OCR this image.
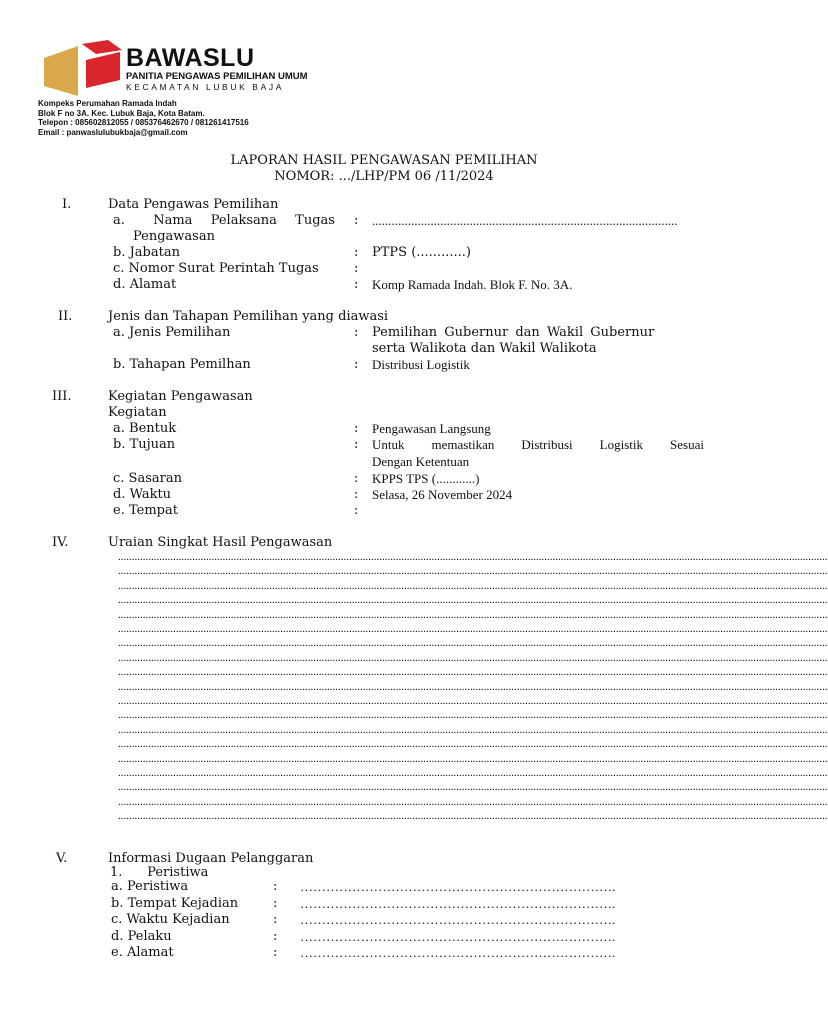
BAWASLU
PANITIA PENGAWAS PEMILIHAN UMUM
KECAMATAN LUBUK BAJA
Kompeks Perumahan Ramada Indah
Blok F no 3A. Kec. Lubuk Baja, Kota Batam.
Telepon : 085602812055 / 085376462670 / 081261417516
Email : panwaslulubukbaja@gmail.com
LAPORAN HASIL PENGAWASAN PEMILIHAN
NOMOR: .../LHP/PM 06 /11/2024
I.	Data Pengawas Pemilihan
a. Nama Pelaksana Tugas
Pengawasan
: ..............................................................................................
b. Jabatan	: PTPS (............)
c. Nomor Surat Perintah Tugas	:
d. Alamat	: Komp Ramada Indah. Blok F. No. 3A.
II.	Jenis dan Tahapan Pemilihan yang diawasi
a. Jenis Pemilihan	: Pemilihan Gubernur dan Wakil Gubernur
serta Walikota dan Wakil Walikota
b. Tahapan Pemilhan	: Distribusi Logistik
III.	Kegiatan Pengawasan
Kegiatan
a. Bentuk	: Pengawasan Langsung
b. Tujuan	: Untuk memastikan Distribusi Logistik Sesuai
Dengan Ketentuan
c. Sasaran	: KPPS TPS (............)
d. Waktu	: Selasa, 26 November 2024
e. Tempat	:
IV.	Uraian Singkat Hasil Pengawasan
..................................................................................................................................................................................................................................................................
..................................................................................................................................................................................................................................................................
..................................................................................................................................................................................................................................................................
..................................................................................................................................................................................................................................................................
..................................................................................................................................................................................................................................................................
..................................................................................................................................................................................................................................................................
..................................................................................................................................................................................................................................................................
..................................................................................................................................................................................................................................................................
..................................................................................................................................................................................................................................................................
..................................................................................................................................................................................................................................................................
..................................................................................................................................................................................................................................................................
..................................................................................................................................................................................................................................................................
..................................................................................................................................................................................................................................................................
..................................................................................................................................................................................................................................................................
..................................................................................................................................................................................................................................................................
..................................................................................................................................................................................................................................................................
..................................................................................................................................................................................................................................................................
..................................................................................................................................................................................................................................................................
..................................................................................................................................................................................................................................................................
V.	Informasi Dugaan Pelanggaran
1.      Peristiwa
a. Peristiwa	: ……………………………………………………………….
b. Tempat Kejadian	: ……………………………………………………………….
c. Waktu Kejadian	: ……………………………………………………………….
d. Pelaku	: ……………………………………………………………….
e. Alamat	: ……………………………………………………………….
